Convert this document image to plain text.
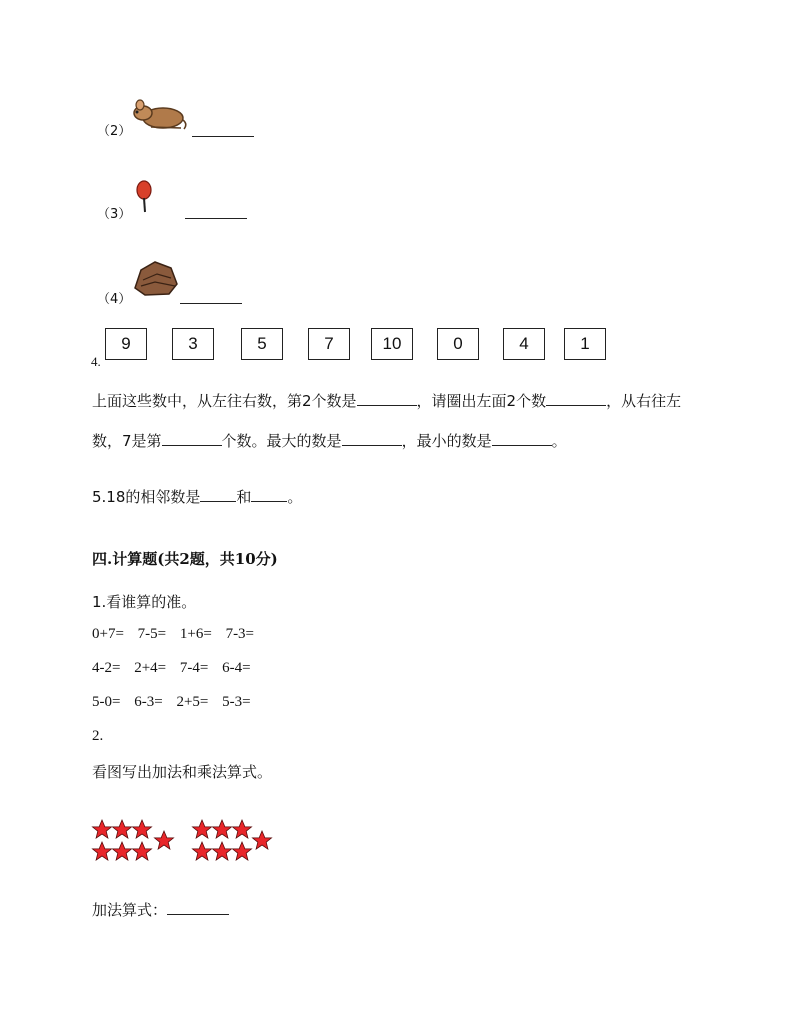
（2）
（3）
（4）
9	3	5	7	10	0	4	1
4.
上面这些数中，从左往右数，第2个数是	，请圈出左面2个数	，从右往左
数，7是第	个数。最大的数是	，最小的数是	。
5.18的相邻数是 和 。
四.计算题(共2题，共10分)
1.看谁算的准。
0+7= 7-5= 1+6= 7-3=
4-2= 2+4= 7-4= 6-4=
5-0= 6-3= 2+5= 5-3=
2.
看图写出加法和乘法算式。
加法算式：
